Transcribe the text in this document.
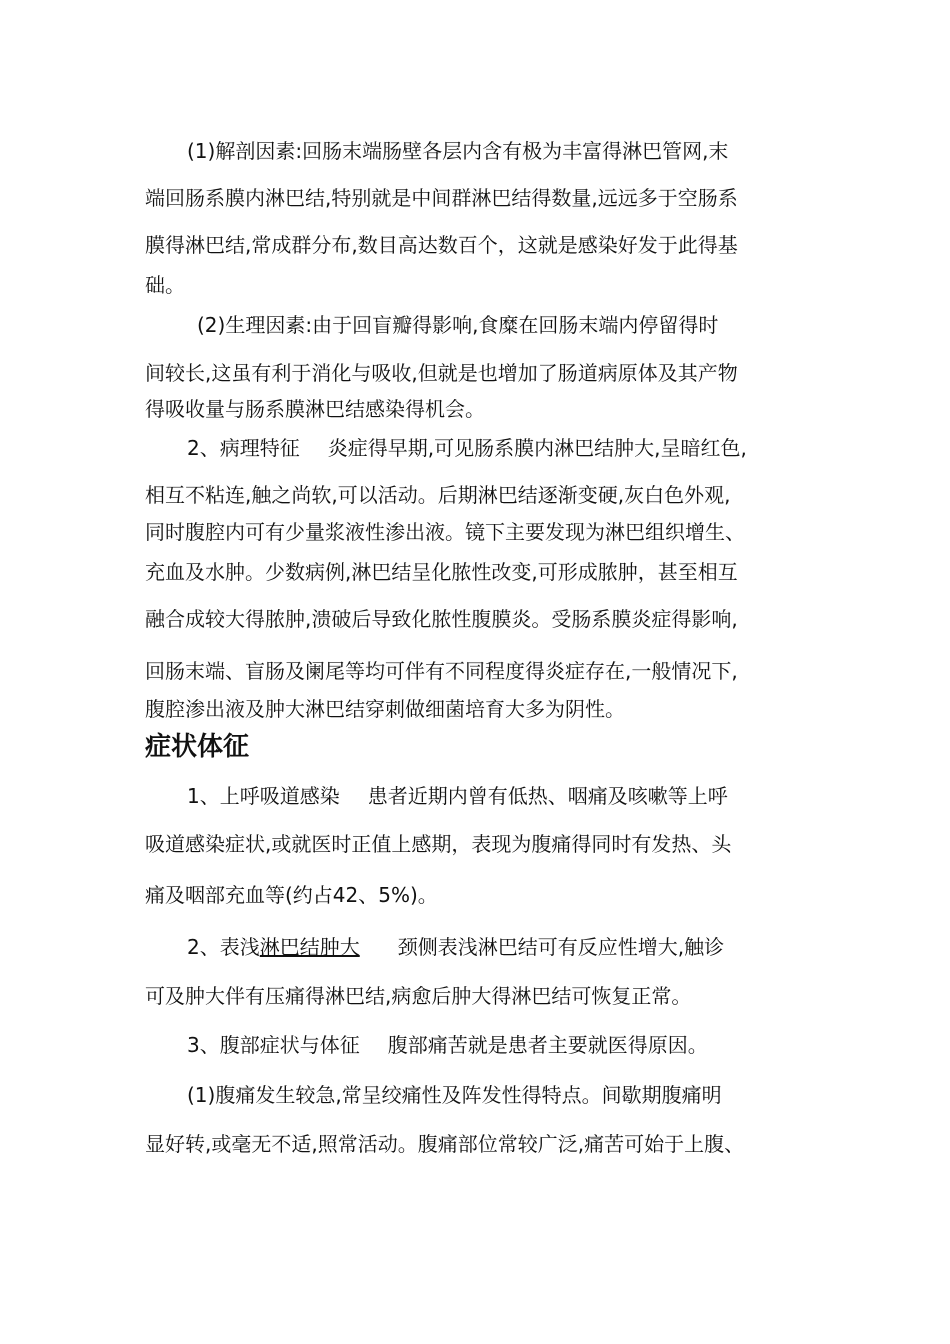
(1)解剖因素:回肠末端肠壁各层内含有极为丰富得淋巴管网,末
端回肠系膜内淋巴结,特别就是中间群淋巴结得数量,远远多于空肠系
膜得淋巴结,常成群分布,数目高达数百个，这就是感染好发于此得基
础。
(2)生理因素:由于回盲瓣得影响,食糜在回肠末端内停留得时
间较长,这虽有利于消化与吸收,但就是也增加了肠道病原体及其产物
得吸收量与肠系膜淋巴结感染得机会。
2、病理特征 炎症得早期,可见肠系膜内淋巴结肿大,呈暗红色,
相互不粘连,触之尚软,可以活动。后期淋巴结逐渐变硬,灰白色外观,
同时腹腔内可有少量浆液性渗出液。镜下主要发现为淋巴组织增生、
充血及水肿。少数病例,淋巴结呈化脓性改变,可形成脓肿，甚至相互
融合成较大得脓肿,溃破后导致化脓性腹膜炎。受肠系膜炎症得影响,
回肠末端、盲肠及阑尾等均可伴有不同程度得炎症存在,一般情况下,
腹腔渗出液及肿大淋巴结穿刺做细菌培育大多为阴性。
症状体征
1、上呼吸道感染 患者近期内曾有低热、咽痛及咳嗽等上呼
吸道感染症状,或就医时正值上感期，表现为腹痛得同时有发热、头
痛及咽部充血等(约占42、5%)。
2、表浅淋巴结肿大 颈侧表浅淋巴结可有反应性增大,触诊
可及肿大伴有压痛得淋巴结,病愈后肿大得淋巴结可恢复正常。
3、腹部症状与体征 腹部痛苦就是患者主要就医得原因。
(1)腹痛发生较急,常呈绞痛性及阵发性得特点。间歇期腹痛明
显好转,或毫无不适,照常活动。腹痛部位常较广泛,痛苦可始于上腹、
